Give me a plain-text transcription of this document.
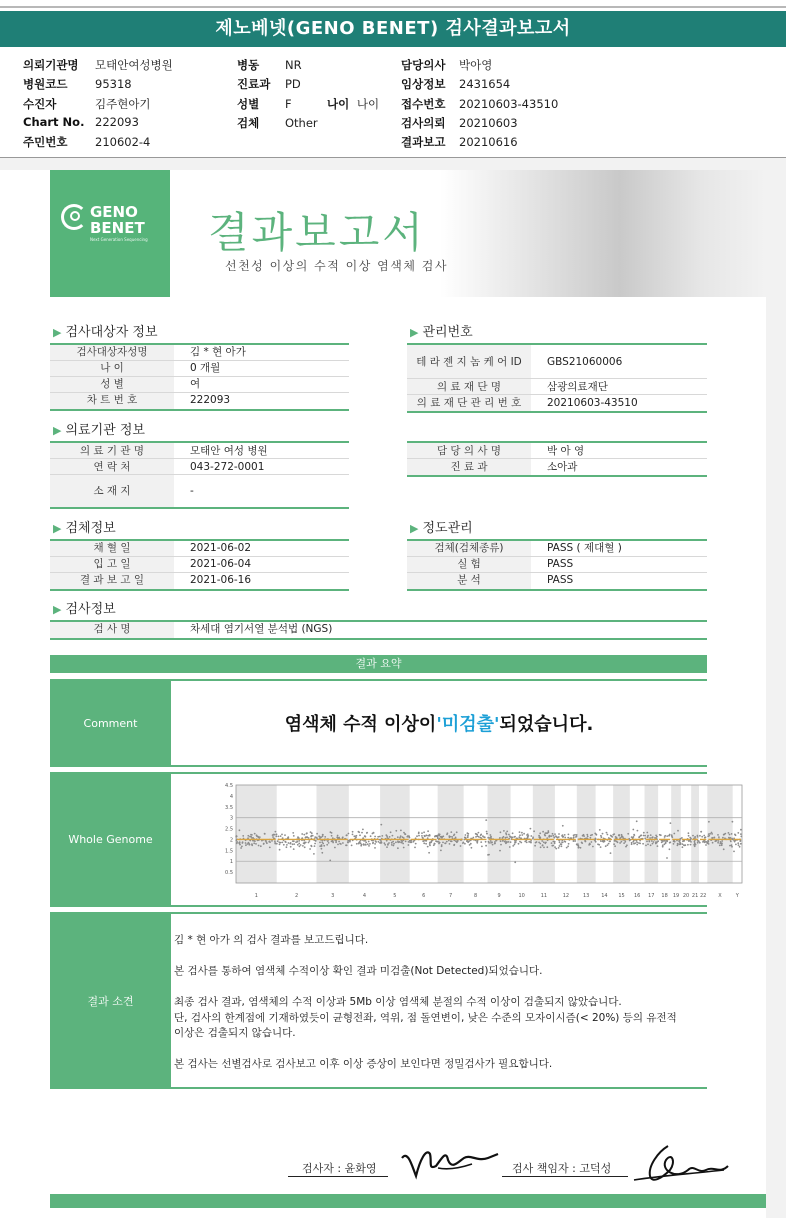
제노베넷(GENO BENET) 검사결과보고서
의뢰기관명 모태안여성병원
병원코드 95318
수진자	김주현아기
Chart No. 222093
주민번호 210602-4
병동 NR
진료과 PD
성별 F
검체 Other
담당의사 박아영
임상정보 2431654
접수번호 20210603-43510
검사의뢰 20210603
결과보고 20210616
나이 나이
GENO
BENET
Next Generation Sequencing 결과보고서
선천성 이상의 수적 이상 염색체 검사
▶ 검사대상자 정보	▶ 관리번호
▶ 의료기관 정보
▶ 검체정보	▶ 정도관리
▶ 검사정보
검사대상자성명	김 * 현 아가
나 이	0 개월
성 별	여
차 트 번 호	222093
테 라 젠 지 놈 케 어 ID	GBS21060006
의 료 재 단 명	삼광의료재단
의 료 재 단 관 리 번 호	20210603-43510
의 료 기 관 명	모태안 여성 병원
연 락 처	043-272-0001
소 재 지	-
담 당 의 사 명	박 아 영
진 료 과	소아과
채 혈 일	2021-06-02
입 고 일	2021-06-04
결 과 보 고 일	2021-06-16
검체(검체종류)	PASS ( 제대혈 )
실 험	PASS
분 석	PASS
검 사 명	차세대 염기서열 분석법 (NGS)
결과 요약
Comment	염색체 수적 이상이 '미검출' 되었습니다.
Whole Genome
4.5
4
3.5
3
2.5
2
1.5
1
0.5
1	2	3	4	5	6	7	8	9	10	11	12	13 14 15 16 17 18 19 20 21 22 X	Y
결과 소견
김 * 현 아가 의 검사 결과를 보고드립니다.
본 검사를 통하여 염색체 수적이상 확인 결과 미검출(Not Detected)되었습니다.
최종 검사 결과, 염색체의 수적 이상과 5Mb 이상 염색체 분절의 수적 이상이 검출되지 않았습니다.
단, 검사의 한계점에 기재하였듯이 균형전좌, 역위, 점 돌연변이, 낮은 수준의 모자이시즘(< 20%) 등의 유전적
이상은 검출되지 않습니다.
본 검사는 선별검사로 검사보고 이후 이상 증상이 보인다면 정밀검사가 필요합니다.
검사자 : 윤화영	검사 책임자 : 고덕성
